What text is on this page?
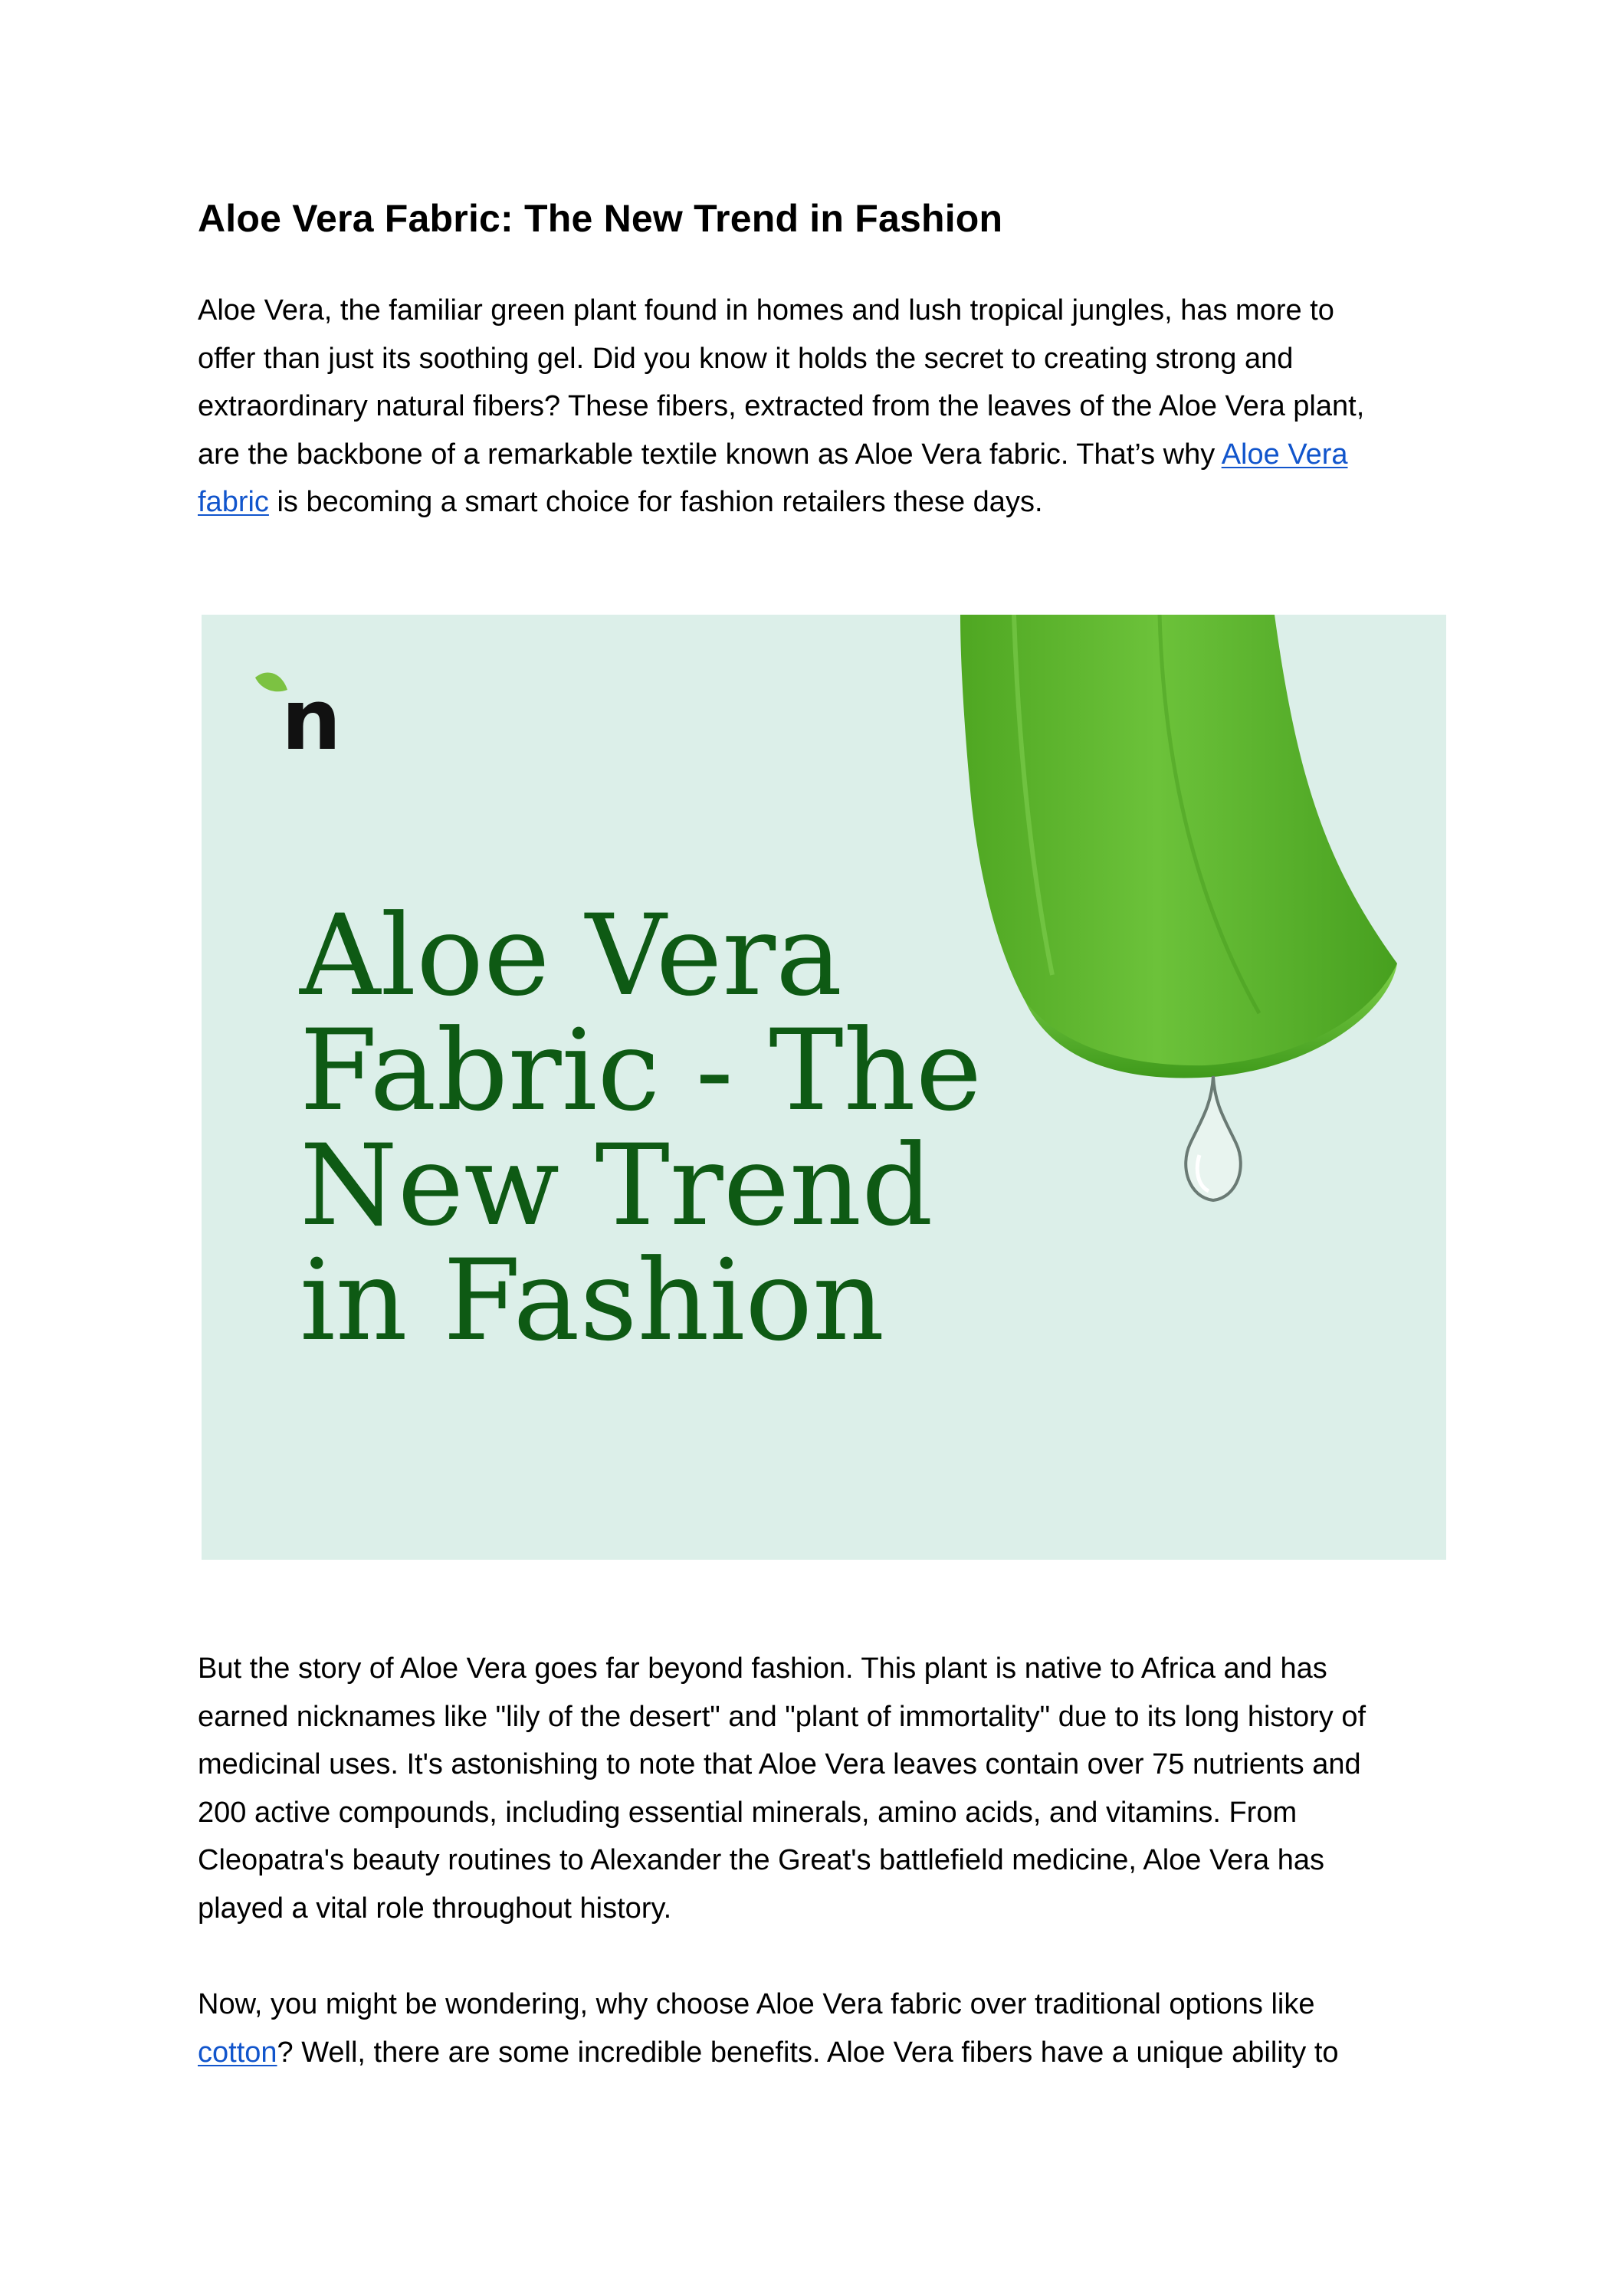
Aloe Vera Fabric: The New Trend in Fashion

Aloe Vera, the familiar green plant found in homes and lush tropical jungles, has more to
offer than just its soothing gel. Did you know it holds the secret to creating strong and
extraordinary natural fibers? These fibers, extracted from the leaves of the Aloe Vera plant,
are the backbone of a remarkable textile known as Aloe Vera fabric. That’s why Aloe Vera
fabric is becoming a smart choice for fashion retailers these days.

n
Aloe Vera
Fabric - The
New Trend
in Fashion

But the story of Aloe Vera goes far beyond fashion. This plant is native to Africa and has
earned nicknames like "lily of the desert" and "plant of immortality" due to its long history of
medicinal uses. It's astonishing to note that Aloe Vera leaves contain over 75 nutrients and
200 active compounds, including essential minerals, amino acids, and vitamins. From
Cleopatra's beauty routines to Alexander the Great's battlefield medicine, Aloe Vera has
played a vital role throughout history.

Now, you might be wondering, why choose Aloe Vera fabric over traditional options like
cotton? Well, there are some incredible benefits. Aloe Vera fibers have a unique ability to
